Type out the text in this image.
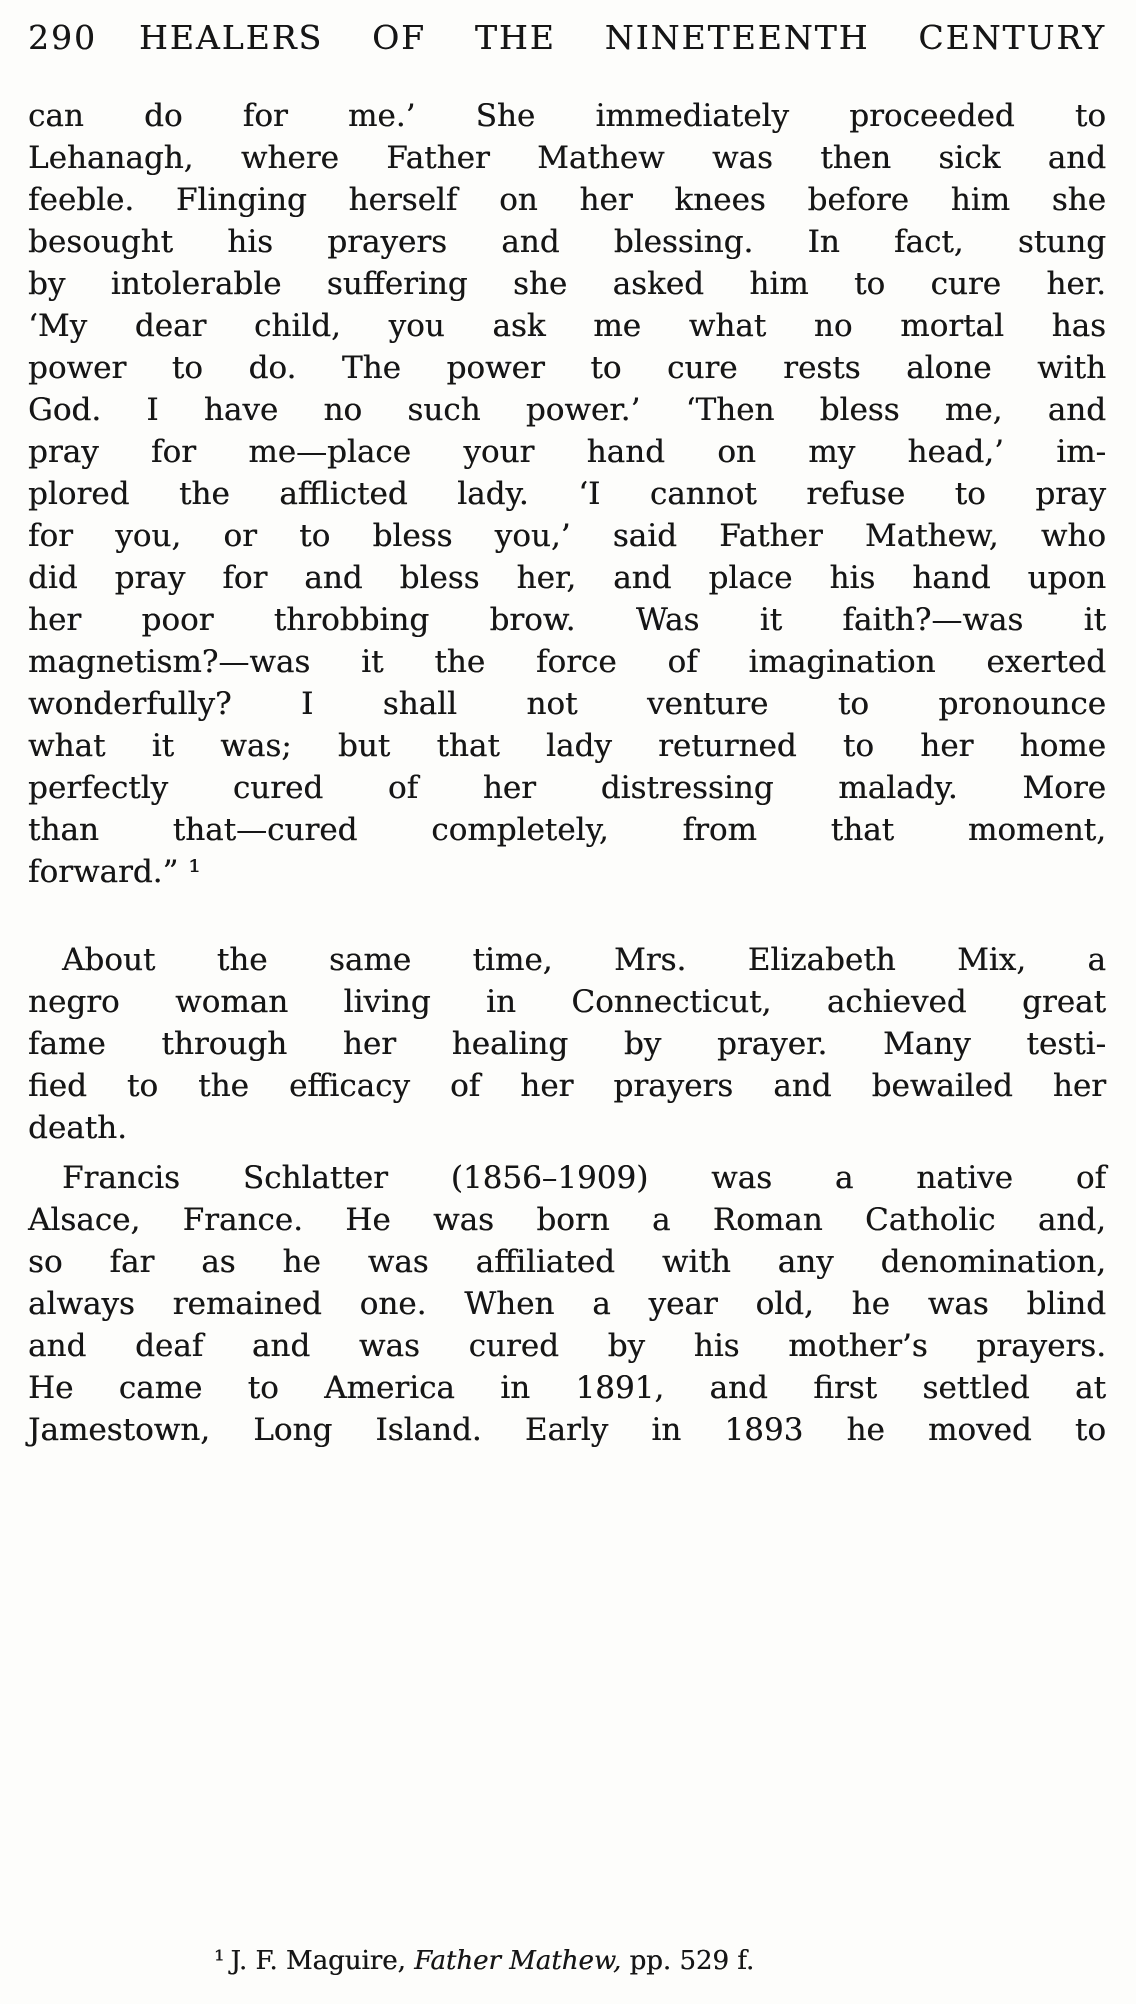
290 HEALERS OF THE NINETEENTH CENTURY
can do for me.’ She immediately proceeded to
Lehanagh, where Father Mathew was then sick and
feeble. Flinging herself on her knees before him she
besought his prayers and blessing. In fact, stung
by intolerable suffering she asked him to cure her.
‘My dear child, you ask me what no mortal has
power to do. The power to cure rests alone with
God. I have no such power.’ ‘Then bless me, and
pray for me—place your hand on my head,’ im-
plored the afflicted lady. ‘I cannot refuse to pray
for you, or to bless you,’ said Father Mathew, who
did pray for and bless her, and place his hand upon
her poor throbbing brow. Was it faith?—was it
magnetism?—was it the force of imagination exerted
wonderfully? I shall not venture to pronounce
what it was; but that lady returned to her home
perfectly cured of her distressing malady. More
than that—cured completely, from that moment,
forward.” ¹
About the same time, Mrs. Elizabeth Mix, a
negro woman living in Connecticut, achieved great
fame through her healing by prayer. Many testi-
fied to the efficacy of her prayers and bewailed her
death.
Francis Schlatter (1856–1909) was a native of
Alsace, France. He was born a Roman Catholic and,
so far as he was affiliated with any denomination,
always remained one. When a year old, he was blind
and deaf and was cured by his mother’s prayers.
He came to America in 1891, and first settled at
Jamestown, Long Island. Early in 1893 he moved to
¹ J. F. Maguire, Father Mathew, pp. 529 f.
